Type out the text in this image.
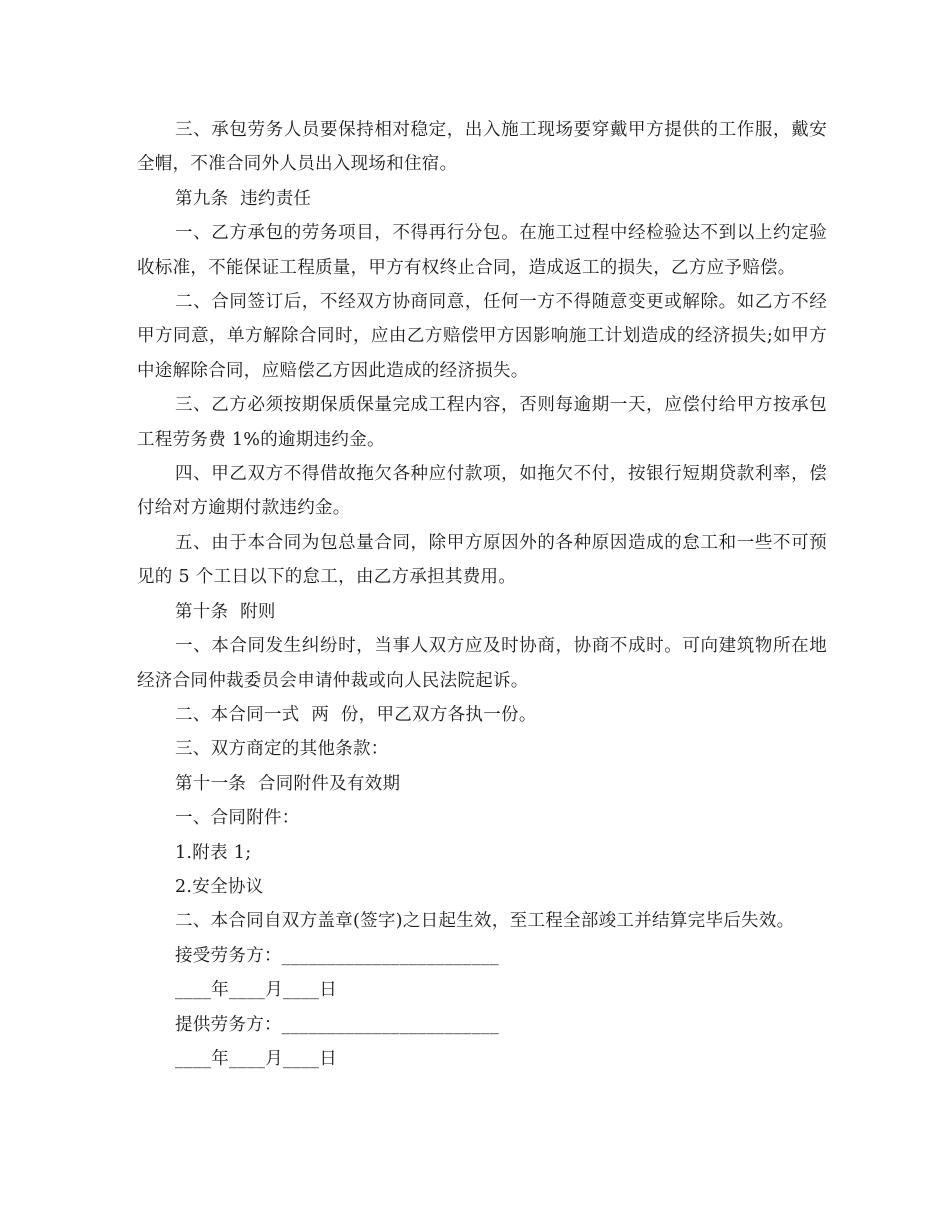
三、承包劳务人员要保持相对稳定，出入施工现场要穿戴甲方提供的工作服，戴安全帽，不准合同外人员出入现场和住宿。

第九条  违约责任

一、乙方承包的劳务项目，不得再行分包。在施工过程中经检验达不到以上约定验收标准，不能保证工程质量，甲方有权终止合同，造成返工的损失，乙方应予赔偿。

二、合同签订后，不经双方协商同意，任何一方不得随意变更或解除。如乙方不经甲方同意，单方解除合同时，应由乙方赔偿甲方因影响施工计划造成的经济损失;如甲方中途解除合同，应赔偿乙方因此造成的经济损失。

三、乙方必须按期保质保量完成工程内容，否则每逾期一天，应偿付给甲方按承包工程劳务费 1%的逾期违约金。

四、甲乙双方不得借故拖欠各种应付款项，如拖欠不付，按银行短期贷款利率，偿付给对方逾期付款违约金。

五、由于本合同为包总量合同，除甲方原因外的各种原因造成的怠工和一些不可预见的 5 个工日以下的怠工，由乙方承担其费用。

第十条  附则

一、本合同发生纠纷时，当事人双方应及时协商，协商不成时。可向建筑物所在地经济合同仲裁委员会申请仲裁或向人民法院起诉。

二、本合同一式  两  份，甲乙双方各执一份。

三、双方商定的其他条款：

第十一条  合同附件及有效期

一、合同附件：

1.附表 1;

2.安全协议

二、本合同自双方盖章(签字)之日起生效，至工程全部竣工并结算完毕后失效。

接受劳务方：________________________

____年____月____日

提供劳务方：________________________

____年____月____日
